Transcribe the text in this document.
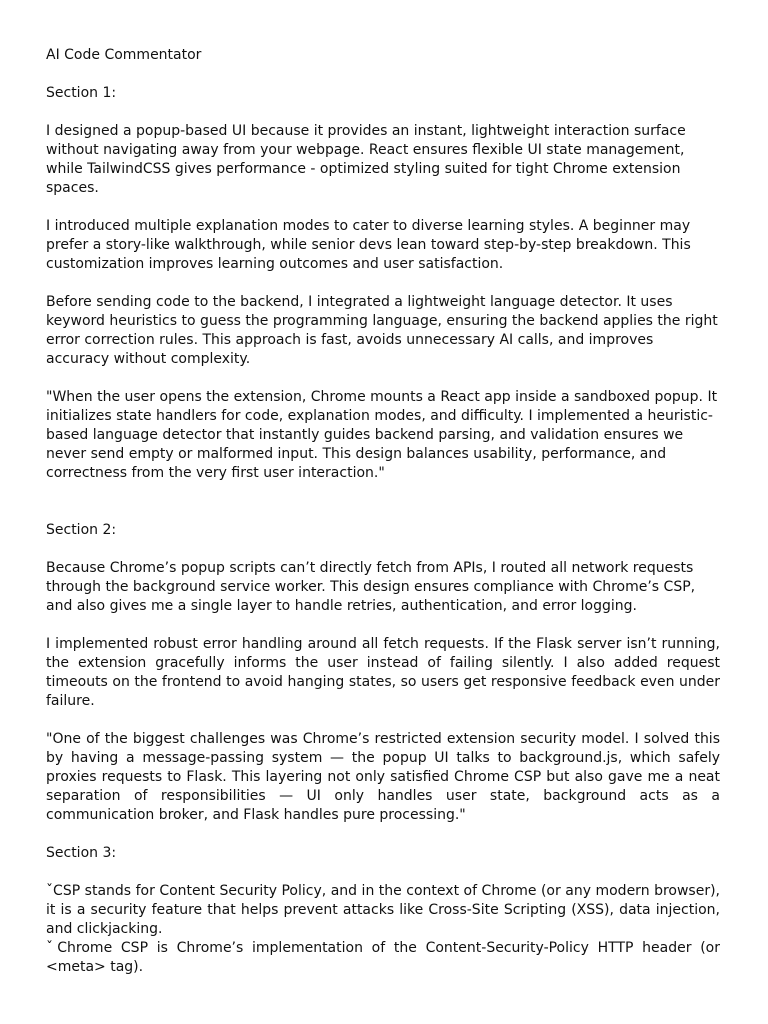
AI Code Commentator
Section 1:
I designed a popup-based UI because it provides an instant, lightweight interaction surface without navigating away from your webpage. React ensures flexible UI state management, while TailwindCSS gives performance - optimized styling suited for tight Chrome extension spaces.
I introduced multiple explanation modes to cater to diverse learning styles. A beginner may prefer a story-like walkthrough, while senior devs lean toward step-by-step breakdown. This customization improves learning outcomes and user satisfaction.
Before sending code to the backend, I integrated a lightweight language detector. It uses keyword heuristics to guess the programming language, ensuring the backend applies the right error correction rules. This approach is fast, avoids unnecessary AI calls, and improves accuracy without complexity.
"When the user opens the extension, Chrome mounts a React app inside a sandboxed popup. It initializes state handlers for code, explanation modes, and difficulty. I implemented a heuristic-based language detector that instantly guides backend parsing, and validation ensures we never send empty or malformed input. This design balances usability, performance, and correctness from the very first user interaction."
Section 2:
Because Chrome’s popup scripts can’t directly fetch from APIs, I routed all network requests through the background service worker. This design ensures compliance with Chrome’s CSP, and also gives me a single layer to handle retries, authentication, and error logging.
I implemented robust error handling around all fetch requests. If the Flask server isn’t running, the extension gracefully informs the user instead of failing silently. I also added request timeouts on the frontend to avoid hanging states, so users get responsive feedback even under failure.
"One of the biggest challenges was Chrome’s restricted extension security model. I solved this by having a message-passing system — the popup UI talks to background.js, which safely proxies requests to Flask. This layering not only satisfied Chrome CSP but also gave me a neat separation of responsibilities — UI only handles user state, background acts as a communication broker, and Flask handles pure processing."
Section 3:
ˇCSP stands for Content Security Policy, and in the context of Chrome (or any modern browser), it is a security feature that helps prevent attacks like Cross-Site Scripting (XSS), data injection, and clickjacking.
ˇChrome CSP is Chrome’s implementation of the Content-Security-Policy HTTP header (or <meta> tag).
